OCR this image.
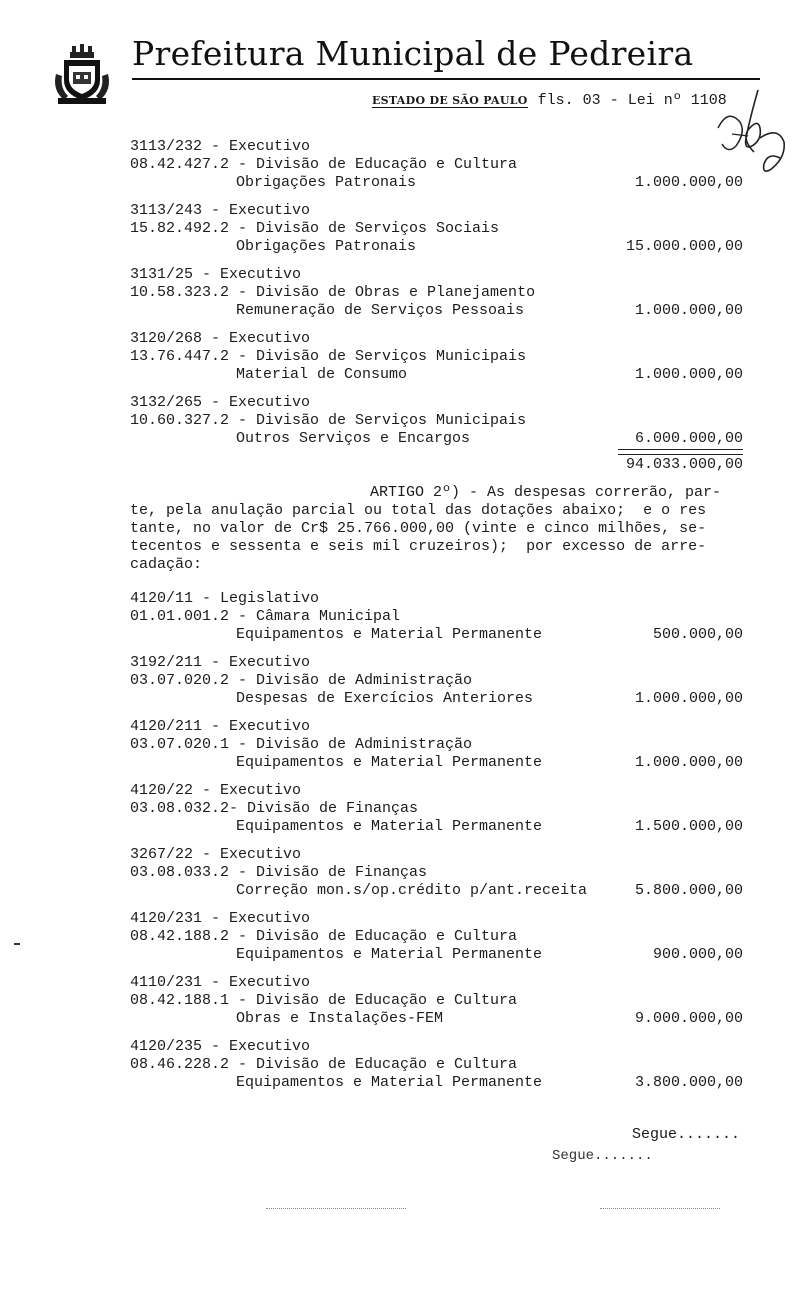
Prefeitura Municipal de Pedreira
ESTADO DE SÃO PAULO fls. 03 - Lei nº 1108
3113/232 - Executivo
08.42.427.2 - Divisão de Educação e Cultura
Obrigações Patronais	1.000.000,00
3113/243 - Executivo
15.82.492.2 - Divisão de Serviços Sociais
Obrigações Patronais	15.000.000,00
3131/25 - Executivo
10.58.323.2 - Divisão de Obras e Planejamento
Remuneração de Serviços Pessoais	1.000.000,00
3120/268 - Executivo
13.76.447.2 - Divisão de Serviços Municipais
Material de Consumo	1.000.000,00
3132/265 - Executivo
10.60.327.2 - Divisão de Serviços Municipais
Outros Serviços e Encargos	6.000.000,00
94.033.000,00
ARTIGO 2º) - As despesas correrão, par-
te, pela anulação parcial ou total das dotações abaixo;  e o res
tante, no valor de Cr$ 25.766.000,00 (vinte e cinco milhões, se-
tecentos e sessenta e seis mil cruzeiros);  por excesso de arre-
cadação:
4120/11 - Legislativo
01.01.001.2 - Câmara Municipal
Equipamentos e Material Permanente	500.000,00
3192/211 - Executivo
03.07.020.2 - Divisão de Administração
Despesas de Exercícios Anteriores	1.000.000,00
4120/211 - Executivo
03.07.020.1 - Divisão de Administração
Equipamentos e Material Permanente	1.000.000,00
4120/22 - Executivo
03.08.032.2- Divisão de Finanças
Equipamentos e Material Permanente	1.500.000,00
3267/22 - Executivo
03.08.033.2 - Divisão de Finanças
Correção mon.s/op.crédito p/ant.receita	5.800.000,00
4120/231 - Executivo
08.42.188.2 - Divisão de Educação e Cultura
Equipamentos e Material Permanente	900.000,00
4110/231 - Executivo
08.42.188.1 - Divisão de Educação e Cultura
Obras e Instalações-FEM	9.000.000,00
4120/235 - Executivo
08.46.228.2 - Divisão de Educação e Cultura
Equipamentos e Material Permanente	3.800.000,00
Segue.......
Segue.......
